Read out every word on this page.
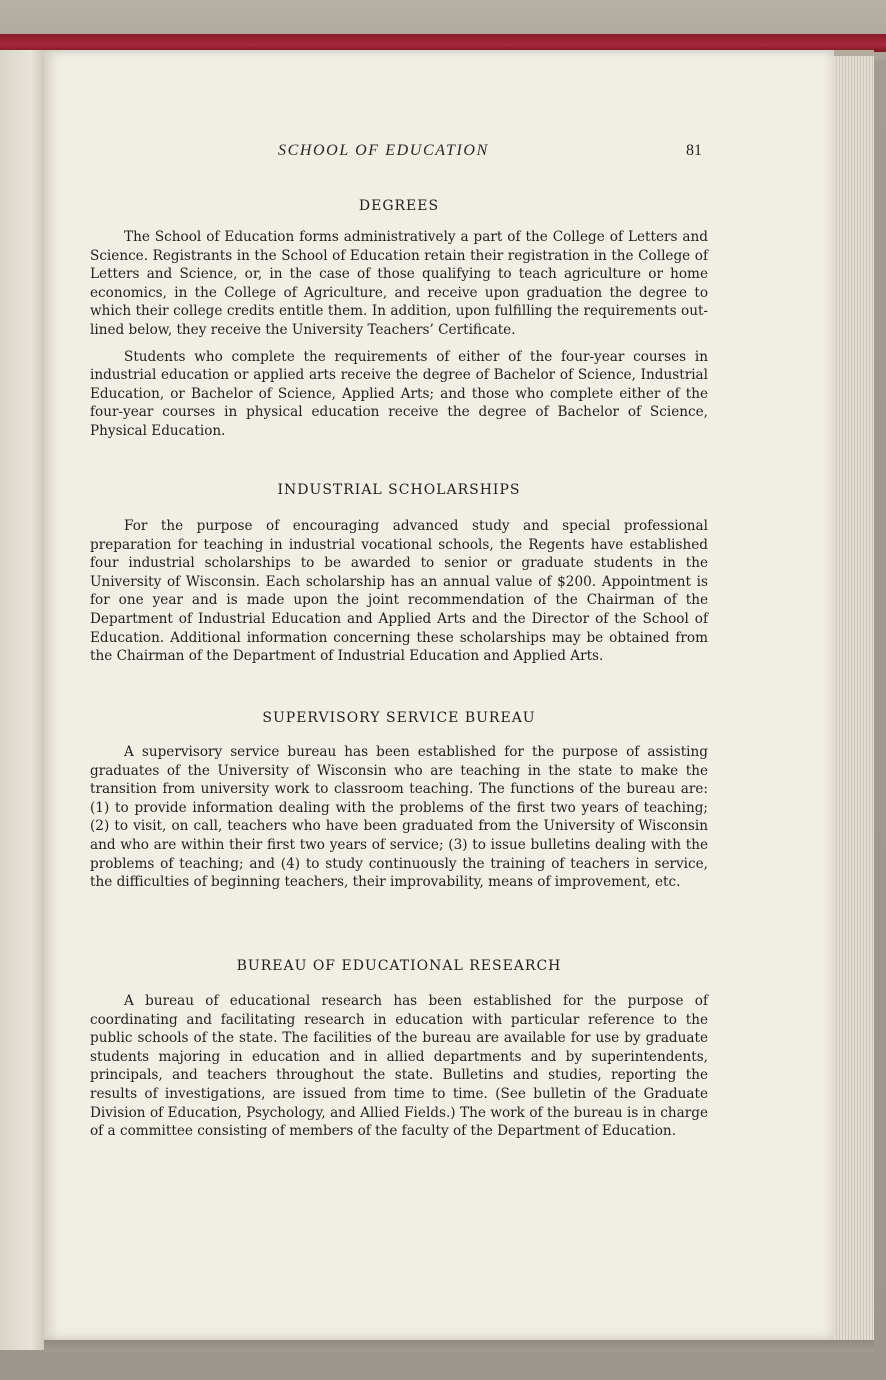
SCHOOL OF EDUCATION	81
DEGREES

The School of Education forms administratively a part of the College of Letters and Science. Registrants in the School of Education retain their registration in the College of Letters and Science, or, in the case of those qualifying to teach agriculture or home economics, in the College of Agriculture, and receive upon graduation the degree to which their college credits entitle them. In addition, upon fulfilling the requirements outlined below, they receive the University Teachers’ Certificate.

Students who complete the requirements of either of the four-year courses in industrial education or applied arts receive the degree of Bachelor of Science, Industrial Education, or Bachelor of Science, Applied Arts; and those who complete either of the four-year courses in physical education receive the degree of Bachelor of Science, Physical Education.

INDUSTRIAL SCHOLARSHIPS

For the purpose of encouraging advanced study and special professional preparation for teaching in industrial vocational schools, the Regents have established four industrial scholarships to be awarded to senior or graduate students in the University of Wisconsin. Each scholarship has an annual value of $200. Appointment is for one year and is made upon the joint recommendation of the Chairman of the Department of Industrial Education and Applied Arts and the Director of the School of Education. Additional information concerning these scholarships may be obtained from the Chairman of the Department of Industrial Education and Applied Arts.

SUPERVISORY SERVICE BUREAU

A supervisory service bureau has been established for the purpose of assisting graduates of the University of Wisconsin who are teaching in the state to make the transition from university work to classroom teaching. The functions of the bureau are: (1) to provide information dealing with the problems of the first two years of teaching; (2) to visit, on call, teachers who have been graduated from the University of Wisconsin and who are within their first two years of service; (3) to issue bulletins dealing with the problems of teaching; and (4) to study continuously the training of teachers in service, the difficulties of beginning teachers, their improvability, means of improvement, etc.

BUREAU OF EDUCATIONAL RESEARCH

A bureau of educational research has been established for the purpose of coordinating and facilitating research in education with particular reference to the public schools of the state. The facilities of the bureau are available for use by graduate students majoring in education and in allied departments and by superintendents, principals, and teachers throughout the state. Bulletins and studies, reporting the results of investigations, are issued from time to time. (See bulletin of the Graduate Division of Education, Psychology, and Allied Fields.) The work of the bureau is in charge of a committee consisting of members of the faculty of the Department of Education.
